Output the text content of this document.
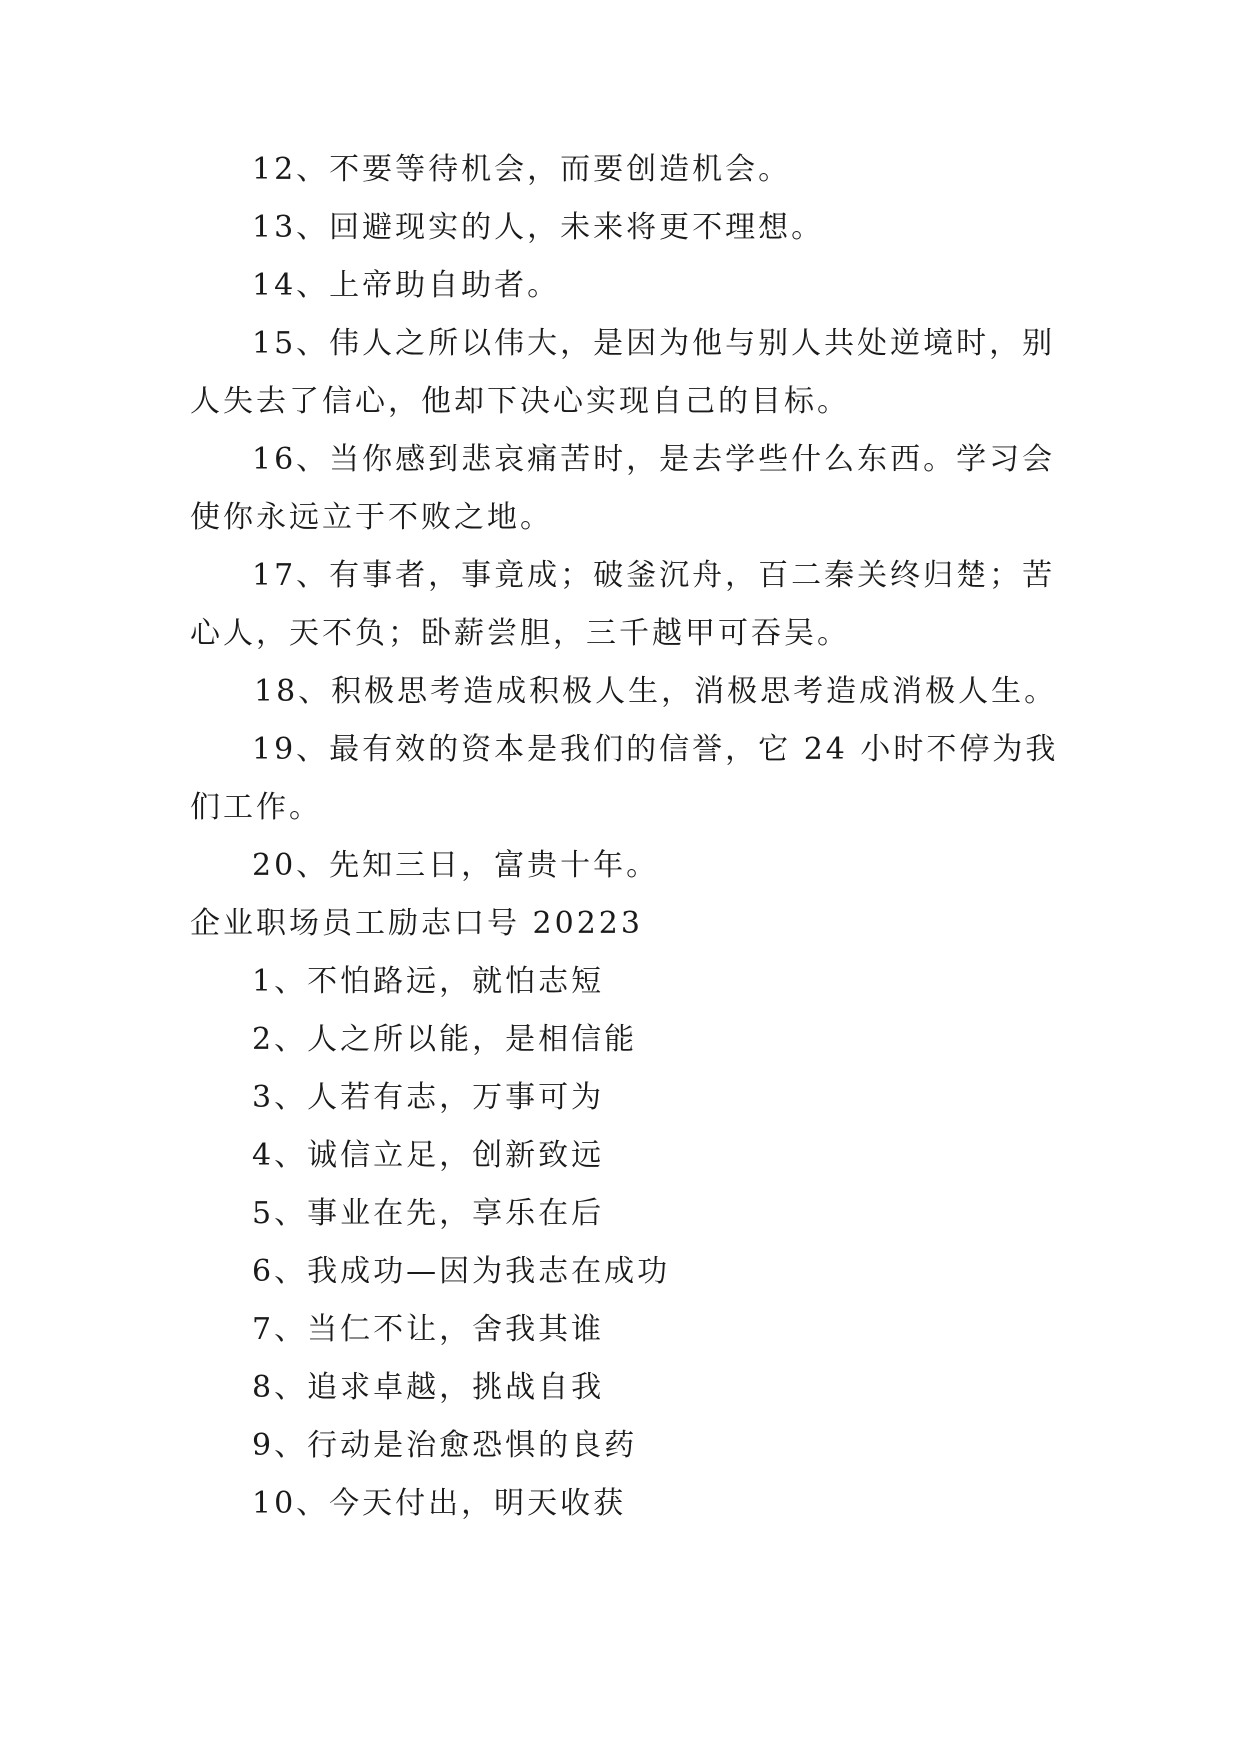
12、不要等待机会，而要创造机会。

13、回避现实的人，未来将更不理想。

14、上帝助自助者。

15、伟人之所以伟大，是因为他与别人共处逆境时，别

人失去了信心，他却下决心实现自己的目标。

16、当你感到悲哀痛苦时，是去学些什么东西。学习会

使你永远立于不败之地。

17、有事者，事竟成；破釜沉舟，百二秦关终归楚；苦

心人，天不负；卧薪尝胆，三千越甲可吞吴。

18、积极思考造成积极人生，消极思考造成消极人生。

19、最有效的资本是我们的信誉，它 24 小时不停为我

们工作。

20、先知三日，富贵十年。

企业职场员工励志口号 20223

1、不怕路远，就怕志短

2、人之所以能，是相信能

3、人若有志，万事可为

4、诚信立足，创新致远

5、事业在先，享乐在后

6、我成功—因为我志在成功

7、当仁不让，舍我其谁

8、追求卓越，挑战自我

9、行动是治愈恐惧的良药

10、今天付出，明天收获
